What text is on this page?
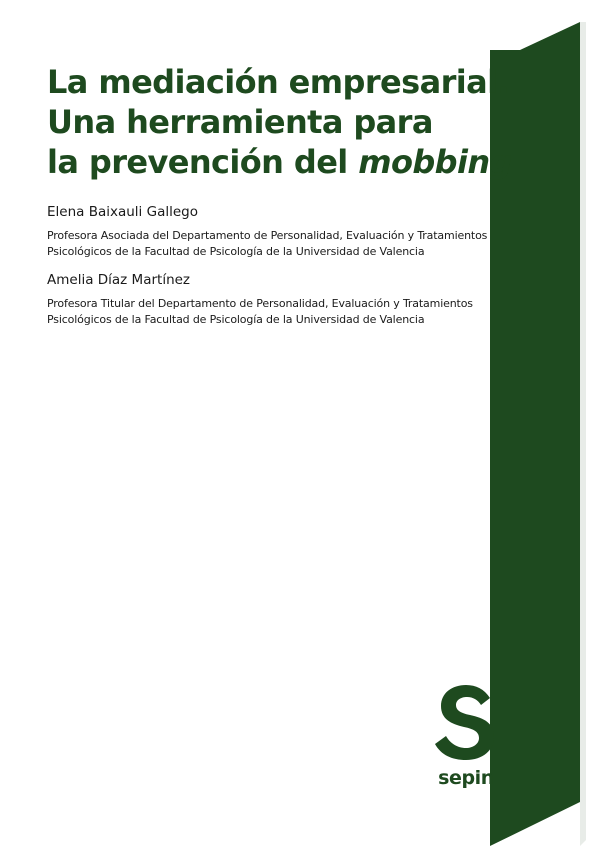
La mediación empresarial.
Una herramienta para
la prevención del mobbing

Elena Baixauli Gallego

Profesora Asociada del Departamento de Personalidad, Evaluación y Tratamientos

Psicológicos de la Facultad de Psicología de la Universidad de Valencia

Amelia Díaz Martínez

Profesora Titular del Departamento de Personalidad, Evaluación y Tratamientos

Psicológicos de la Facultad de Psicología de la Universidad de Valencia

sepin
